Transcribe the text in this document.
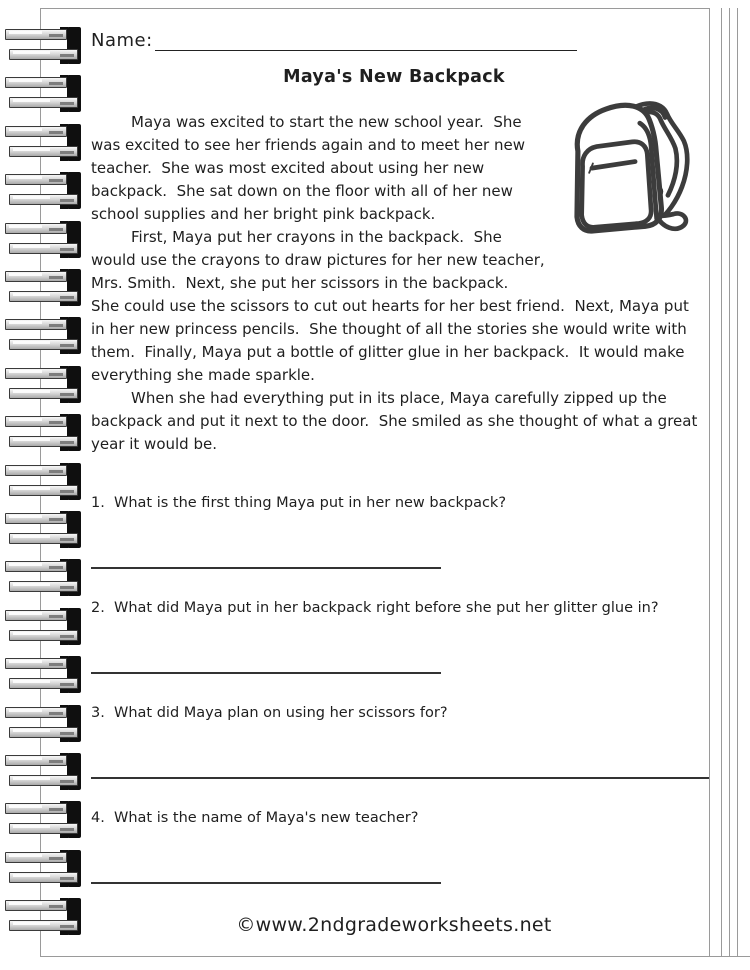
Name:
Maya's New Backpack

Maya was excited to start the new school year.  She was excited to see her friends again and to meet her new teacher.  She was most excited about using her new backpack.  She sat down on the floor with all of her new school supplies and her bright pink backpack.

First, Maya put her crayons in the backpack.  She would use the crayons to draw pictures for her new teacher, Mrs. Smith.  Next, she put her scissors in the backpack.  She could use the scissors to cut out hearts for her best friend.  Next, Maya put in her new princess pencils.  She thought of all the stories she would write with them.  Finally, Maya put a bottle of glitter glue in her backpack.  It would make everything she made sparkle.

When she had everything put in its place, Maya carefully zipped up the backpack and put it next to the door.  She smiled as she thought of what a great year it would be.

1. What is the first thing Maya put in her new backpack?
2. What did Maya put in her backpack right before she put her glitter glue in?
3. What did Maya plan on using her scissors for?
4. What is the name of Maya's new teacher?
©www.2ndgradeworksheets.net
